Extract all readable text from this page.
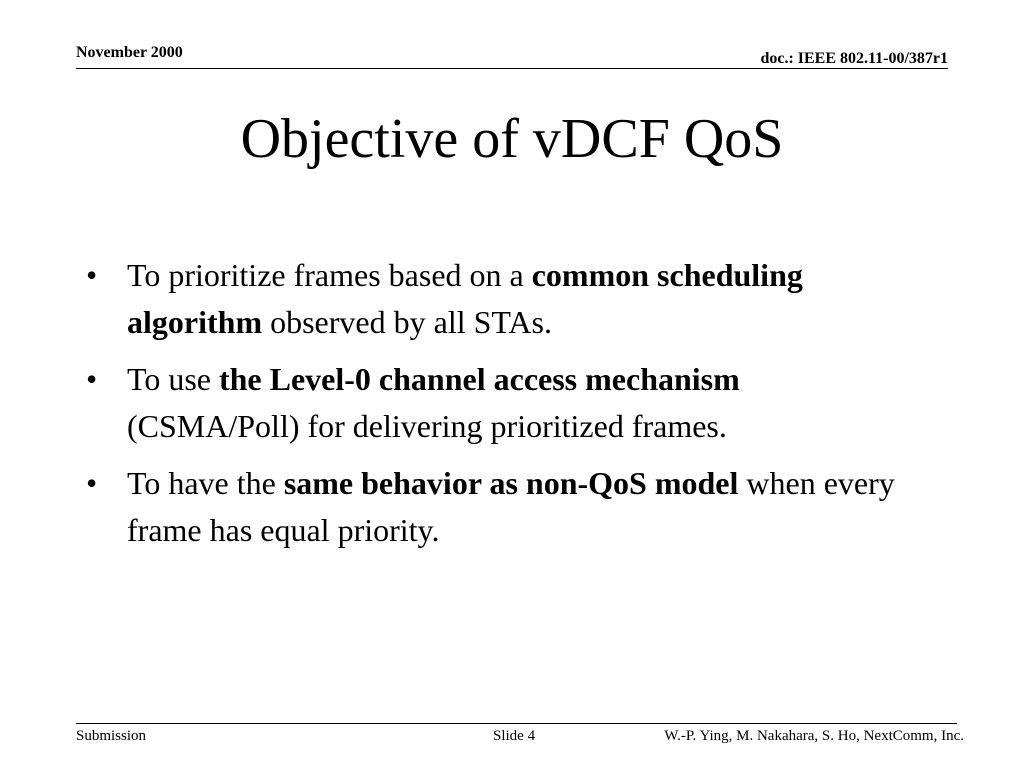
November 2000	doc.: IEEE 802.11-00/387r1
Objective of vDCF QoS
• To prioritize frames based on a common scheduling algorithm observed by all STAs.
• To use the Level-0 channel access mechanism (CSMA/Poll) for delivering prioritized frames.
• To have the same behavior as non-QoS model when every frame has equal priority.
Submission	Slide 4	W.-P. Ying, M. Nakahara, S. Ho, NextComm, Inc.
